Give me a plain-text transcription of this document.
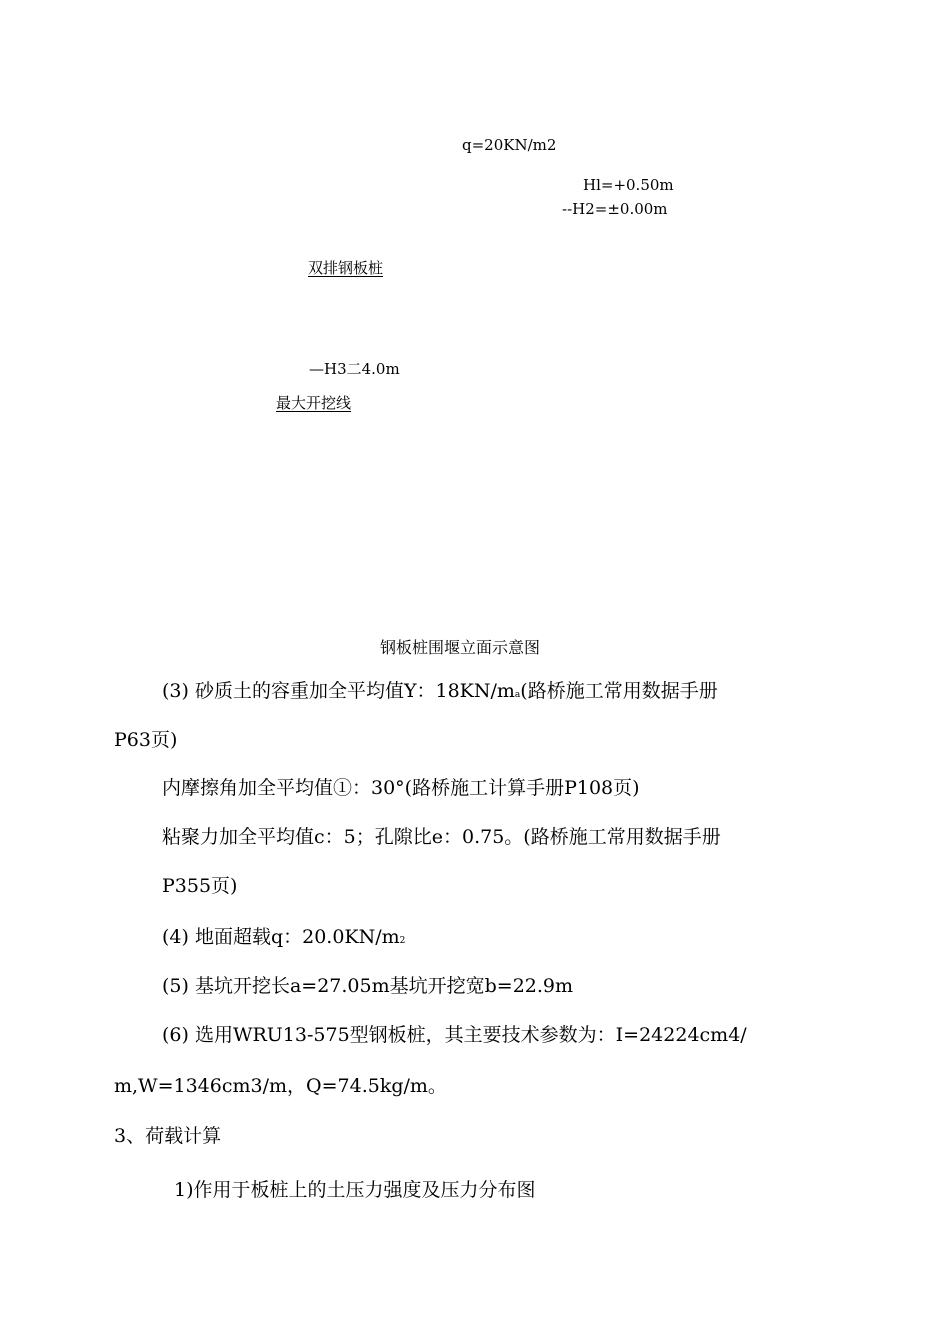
q=20KN/m2
Hl=+0.50m
--H2=±0.00m
双排钢板桩
—H3二4.0m
最大开挖线
钢板桩围堰立面示意图
(3) 砂质土的容重加全平均值Y：18KN/ma(路桥施工常用数据手册
P63页)
内摩擦角加全平均值①：30°(路桥施工计算手册P108页)
粘聚力加全平均值c：5；孔隙比e：0.75。(路桥施工常用数据手册
P355页)
(4) 地面超载q：20.0KN/m2
(5) 基坑开挖长a=27.05m基坑开挖宽b=22.9m
(6) 选用WRU13-575型钢板桩，其主要技术参数为：I=24224cm4/
m,W=1346cm3/m，Q=74.5kg/m。
3、荷载计算
1)作用于板桩上的土压力强度及压力分布图
